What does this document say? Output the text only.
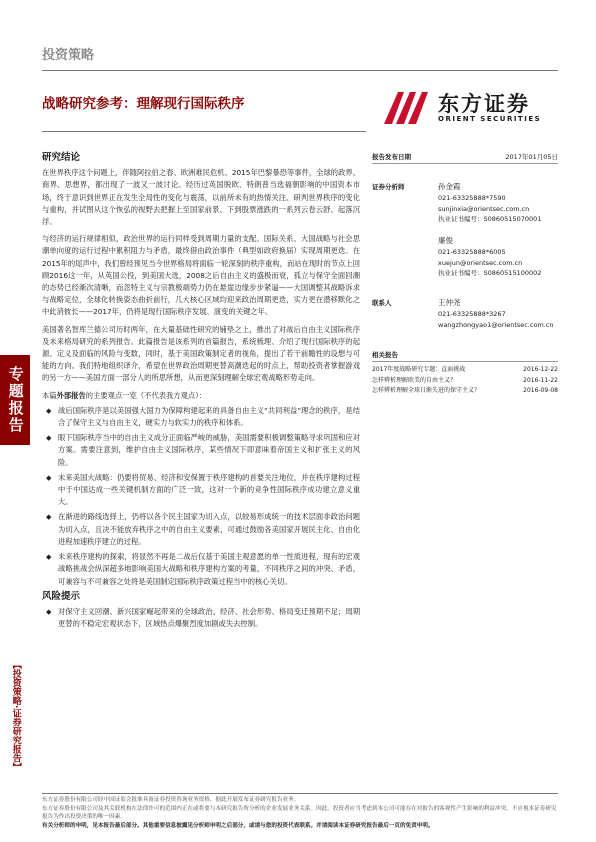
投资策略
战略研究参考：理解现行国际秩序	东方证券
ORIENT SECURITIES
专题报告
【投资策略·证券研究报告】
研究结论

在世界秩序这个问题上，伴随阿拉伯之春、欧洲难民危机、2015年巴黎暴恐等事件，全球的政界、商界、思想界，都出现了一波又一波讨论。经历过英国脱欧、特朗普当选福朝影响的中国资本市场，终于意识到世界正在发生全局性的变化与震荡，以前所未有的热情关注、研判世界秩序的变化与重构，并试图从这个恢弘的视野去把握上至国家前景、下到股票涨跌的一系列云卷云舒、起落沉浮。

与经济的运行规律相似，政治世界的运行同样受到周期力量的支配。国际关系、大国战略与社会思潮单向度的运行过程中累积阻力与矛盾，最终借由政治事件（典型如政府换届）实现周期更迭。在2015年的尾声中，我们曾经预见当今世界格局将面临一轮深刻的秩序重构，而站在现时的节点上回顾2016这一年，从英国公投，到美国大选，2008之后自由主义的盛极而衰，孤立与保守全面回潮的态势已经渐次清晰，而忽特主义与宗教极端势力仍在悬崖边缘步步紧逼——大国调整其战略诉求与战略定位，全球化转换姿态曲折前行，几大核心区域均迎来政治周期更迭，实力更在潜移默化之中此消彼长——2017年，仍将是现行国际秩序发展、演变的关键之年。

美国著名智库兰德公司历时两年，在大量基础性研究的铺垫之上，推出了对战后自由主义国际秩序及未来格局研究的系列报告。此篇报告是该系列的首篇报告，系统梳理、介绍了现行国际秩序的起源、定义及面临的风险与变数，同时，基于美国政策制定者的视角，提出了若干前瞻性的设想与可能的方向。我们特地组织译介，希望在世界政治周期更替高潮迭起的时点上，帮助投资者掌握游戏的另一方——美国方面一部分人的所思所想，从而更深刻理解全球宏观战略形势走向。

本篇外部报告的主要观点一览（不代表我方观点）：
◆ 战后国际秩序是以美国强大国力为保障构建起来的具备自由主义“共同利益”理念的秩序，是结合了保守主义与自由主义，硬实力与软实力的秩序和体系。
◆ 眼下国际秩序当中的自由主义成分正面临严峻的威胁，美国需要积极调整策略寻求巩固和应对方案。需要注意到，维护自由主义国际秩序，某些情况下即意味着帝国主义和扩张主义的风险。
◆ 未来美国大战略：仍要将贸易、经济和安保置于秩序建构的首要关注地位，并在秩序建构过程中于中国达成一些关键机制方面的广泛一致，这对一个新的竞争性国际秩序成功建立意义重大。
◆ 在渐进的路线选择上，仍将以各个民主国家为切入点，以较易形成统一的技术层面非政治问题为切入点，且决不能放弃秩序之中的自由主义要素，可通过鼓励各美国家开展民主化、自由化进程加速秩序建立的过程。
◆ 未来秩序建构的探索，将显然不再是二战后仅基于美国主观意愿的单一性质进程，现有的宏观战略挑战会纵深超多地影响美国大战略和秩序建构方案的考量，不同秩序之间的冲突、矛盾，可兼容与不可兼容之处将是美国制定国际秩序政策过程当中的核心关切。
风险提示
◆ 对保守主义回潮、新兴国家崛起带来的全球政治、经济、社会形势、格局变迁预期不足；周期更替的不稳定宏观状态下，区域热点爆聚烈度加剧或失去控制。
报告发布日期	2017年01月05日
证券分析师	孙金霞
021-63325888*7590
sunjinxia@orientsec.com.cn
执业证书编号：S0860515070001
廉俊
021-63325888*6005
xuejun@orientsec.com.cn
执业证书编号：S0860515100002
联系人	王仲尧
021-63325888*3267
wangzhongyao1@orientsec.com.cn
相关报告
2017年度战略研究专题：直面挑战	2016-12-22
怎样辨析理解欧美的自由主义？	2016-11-22
怎样辨析理解全球日渐失进的保守主义？	2016-09-08
东方证券股份有限公司经中国证监会批准具备证券投资咨询业务资格，据此开展发布证券研究报告业务。
东方证券股份有限公司及其关联机构在法律许可的范围内正在或将要与本研究报告所分析的企业发展业务关系。因此，投资者应当考虑到本公司可能存在对报告的客观性产生影响的利益冲突，不应视本证券研究报告为作出投资决策的唯一因素。
有关分析师的申明，见本报告最后部分。其他重要信息披露见分析师申明之后部分，或请与您的投资代表联系。并请阅读本证券研究报告最后一页的免责申明。
